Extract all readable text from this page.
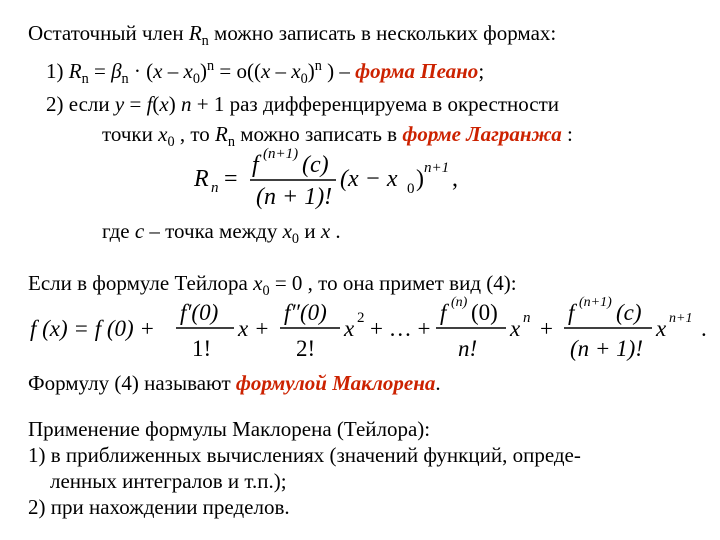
Остаточный член $R_n$ можно записать в нескольких формах:
1) $R_n = \beta_n \cdot (x - x_0)^n = o((x - x_0)^n$ ) – форма Пеано;
2) если y = f(x) n + 1 раз дифференцируема в окрестности
точки $x_0$ , то $R_n$ можно записать в форме Лагранжа :
R n =
f (n+1) (c)
(n + 1)!
(x − x 0 ) n+1 ,
где c – точка между $x_0$ и x .
Если в формуле Тейлора $x_0 = 0$ , то она примет вид (4):
f (x) = f (0) +
f′(0)
1!
x +
f″(0)
2!
x 2 + … +
f (n) (0)
n!
x n +
f (n+1) (c)
(n + 1)!
x n+1 .
Формулу (4) называют формулой Маклорена.
Применение формулы Маклорена (Тейлора):
1) в приближенных вычислениях (значений функций, опреде-
ленных интегралов и т.п.);
2) при нахождении пределов.
